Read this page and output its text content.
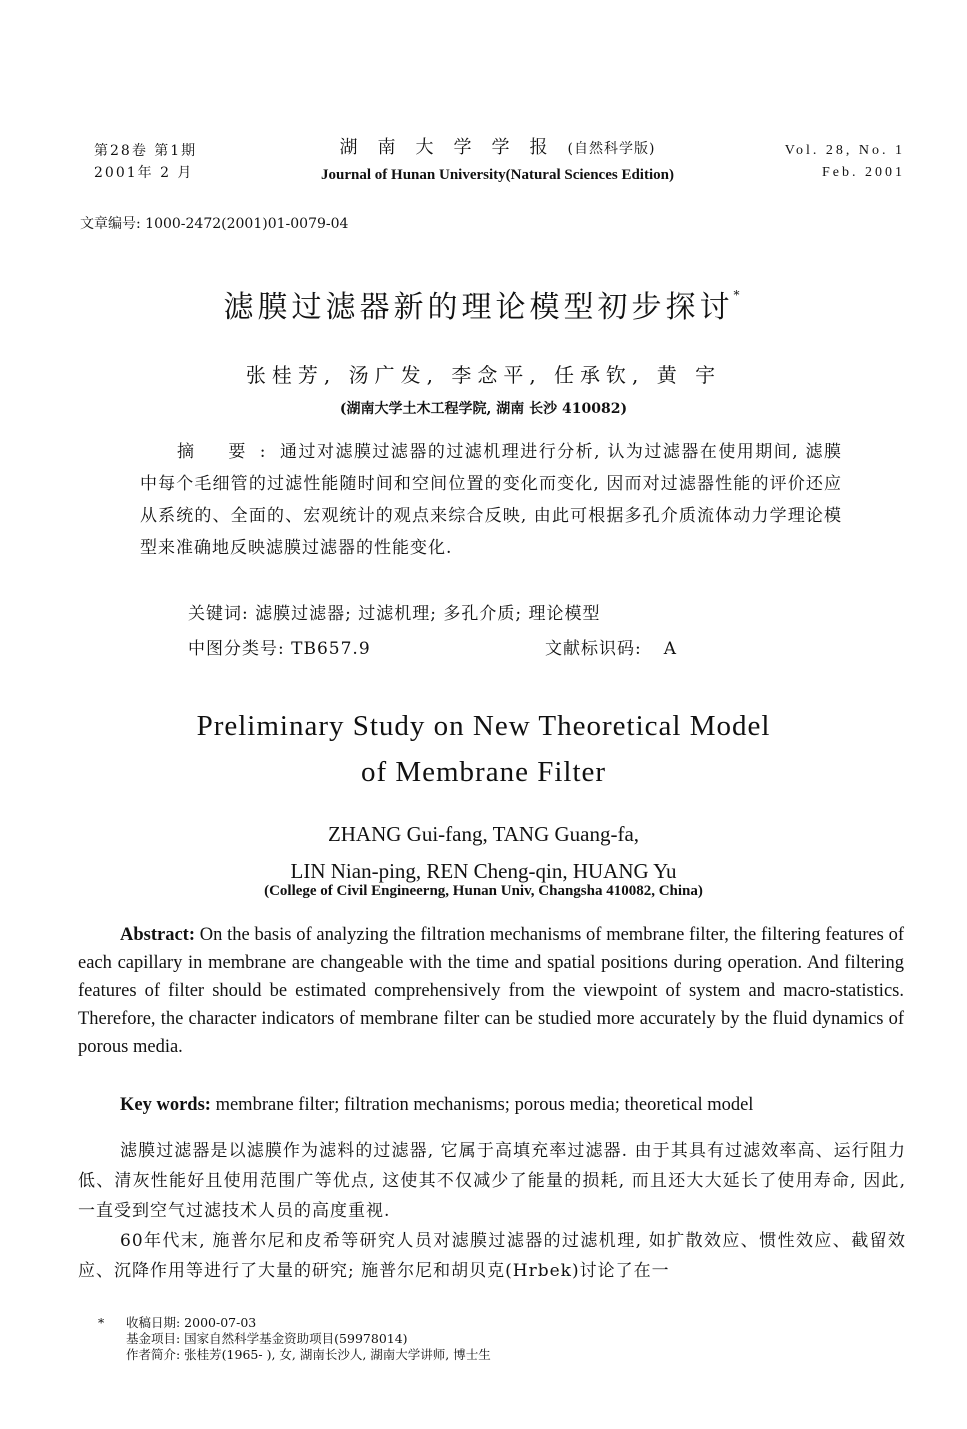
第28卷 第1期
2001年 2 月
湖南大学学报(自然科学版)
Journal of Hunan University(Natural Sciences Edition)
Vol. 28, No. 1
Feb. 2001
文章编号: 1000-2472(2001)01-0079-04
滤膜过滤器新的理论模型初步探讨*
张桂芳, 汤广发, 李念平, 任承钦, 黄 宇
(湖南大学土木工程学院, 湖南 长沙 410082)
　　摘 要:通过对滤膜过滤器的过滤机理进行分析, 认为过滤器在使用期间, 滤膜中每个毛细管的过滤性能随时间和空间位置的变化而变化, 因而对过滤器性能的评价还应从系统的、全面的、宏观统计的观点来综合反映, 由此可根据多孔介质流体动力学理论模型来准确地反映滤膜过滤器的性能变化.
关键词: 滤膜过滤器; 过滤机理; 多孔介质; 理论模型
中图分类号: TB657.9	文献标识码: A
Preliminary Study on New Theoretical Model
of Membrane Filter
ZHANG Gui-fang, TANG Guang-fa,
LIN Nian-ping, REN Cheng-qin, HUANG Yu
(College of Civil Engineerng, Hunan Univ, Changsha 410082, China)

Abstract: On the basis of analyzing the filtration mechanisms of membrane filter, the filtering features of each capillary in membrane are changeable with the time and spatial positions during operation. And filtering features of filter should be estimated comprehensively from the viewpoint of system and macro-statistics. Therefore, the character indicators of membrane filter can be studied more accurately by the fluid dynamics of porous media.

Key words: membrane filter; filtration mechanisms; porous media; theoretical model

滤膜过滤器是以滤膜作为滤料的过滤器, 它属于高填充率过滤器. 由于其具有过滤效率高、运行阻力低、清灰性能好且使用范围广等优点, 这使其不仅减少了能量的损耗, 而且还大大延长了使用寿命, 因此, 一直受到空气过滤技术人员的高度重视.

60年代末, 施普尔尼和皮希等研究人员对滤膜过滤器的过滤机理, 如扩散效应、惯性效应、截留效应、沉降作用等进行了大量的研究; 施普尔尼和胡贝克(Hrbek)讨论了在一

* 收稿日期: 2000-07-03
基金项目: 国家自然科学基金资助项目(59978014)
作者简介: 张桂芳(1965- ), 女, 湖南长沙人, 湖南大学讲师, 博士生
